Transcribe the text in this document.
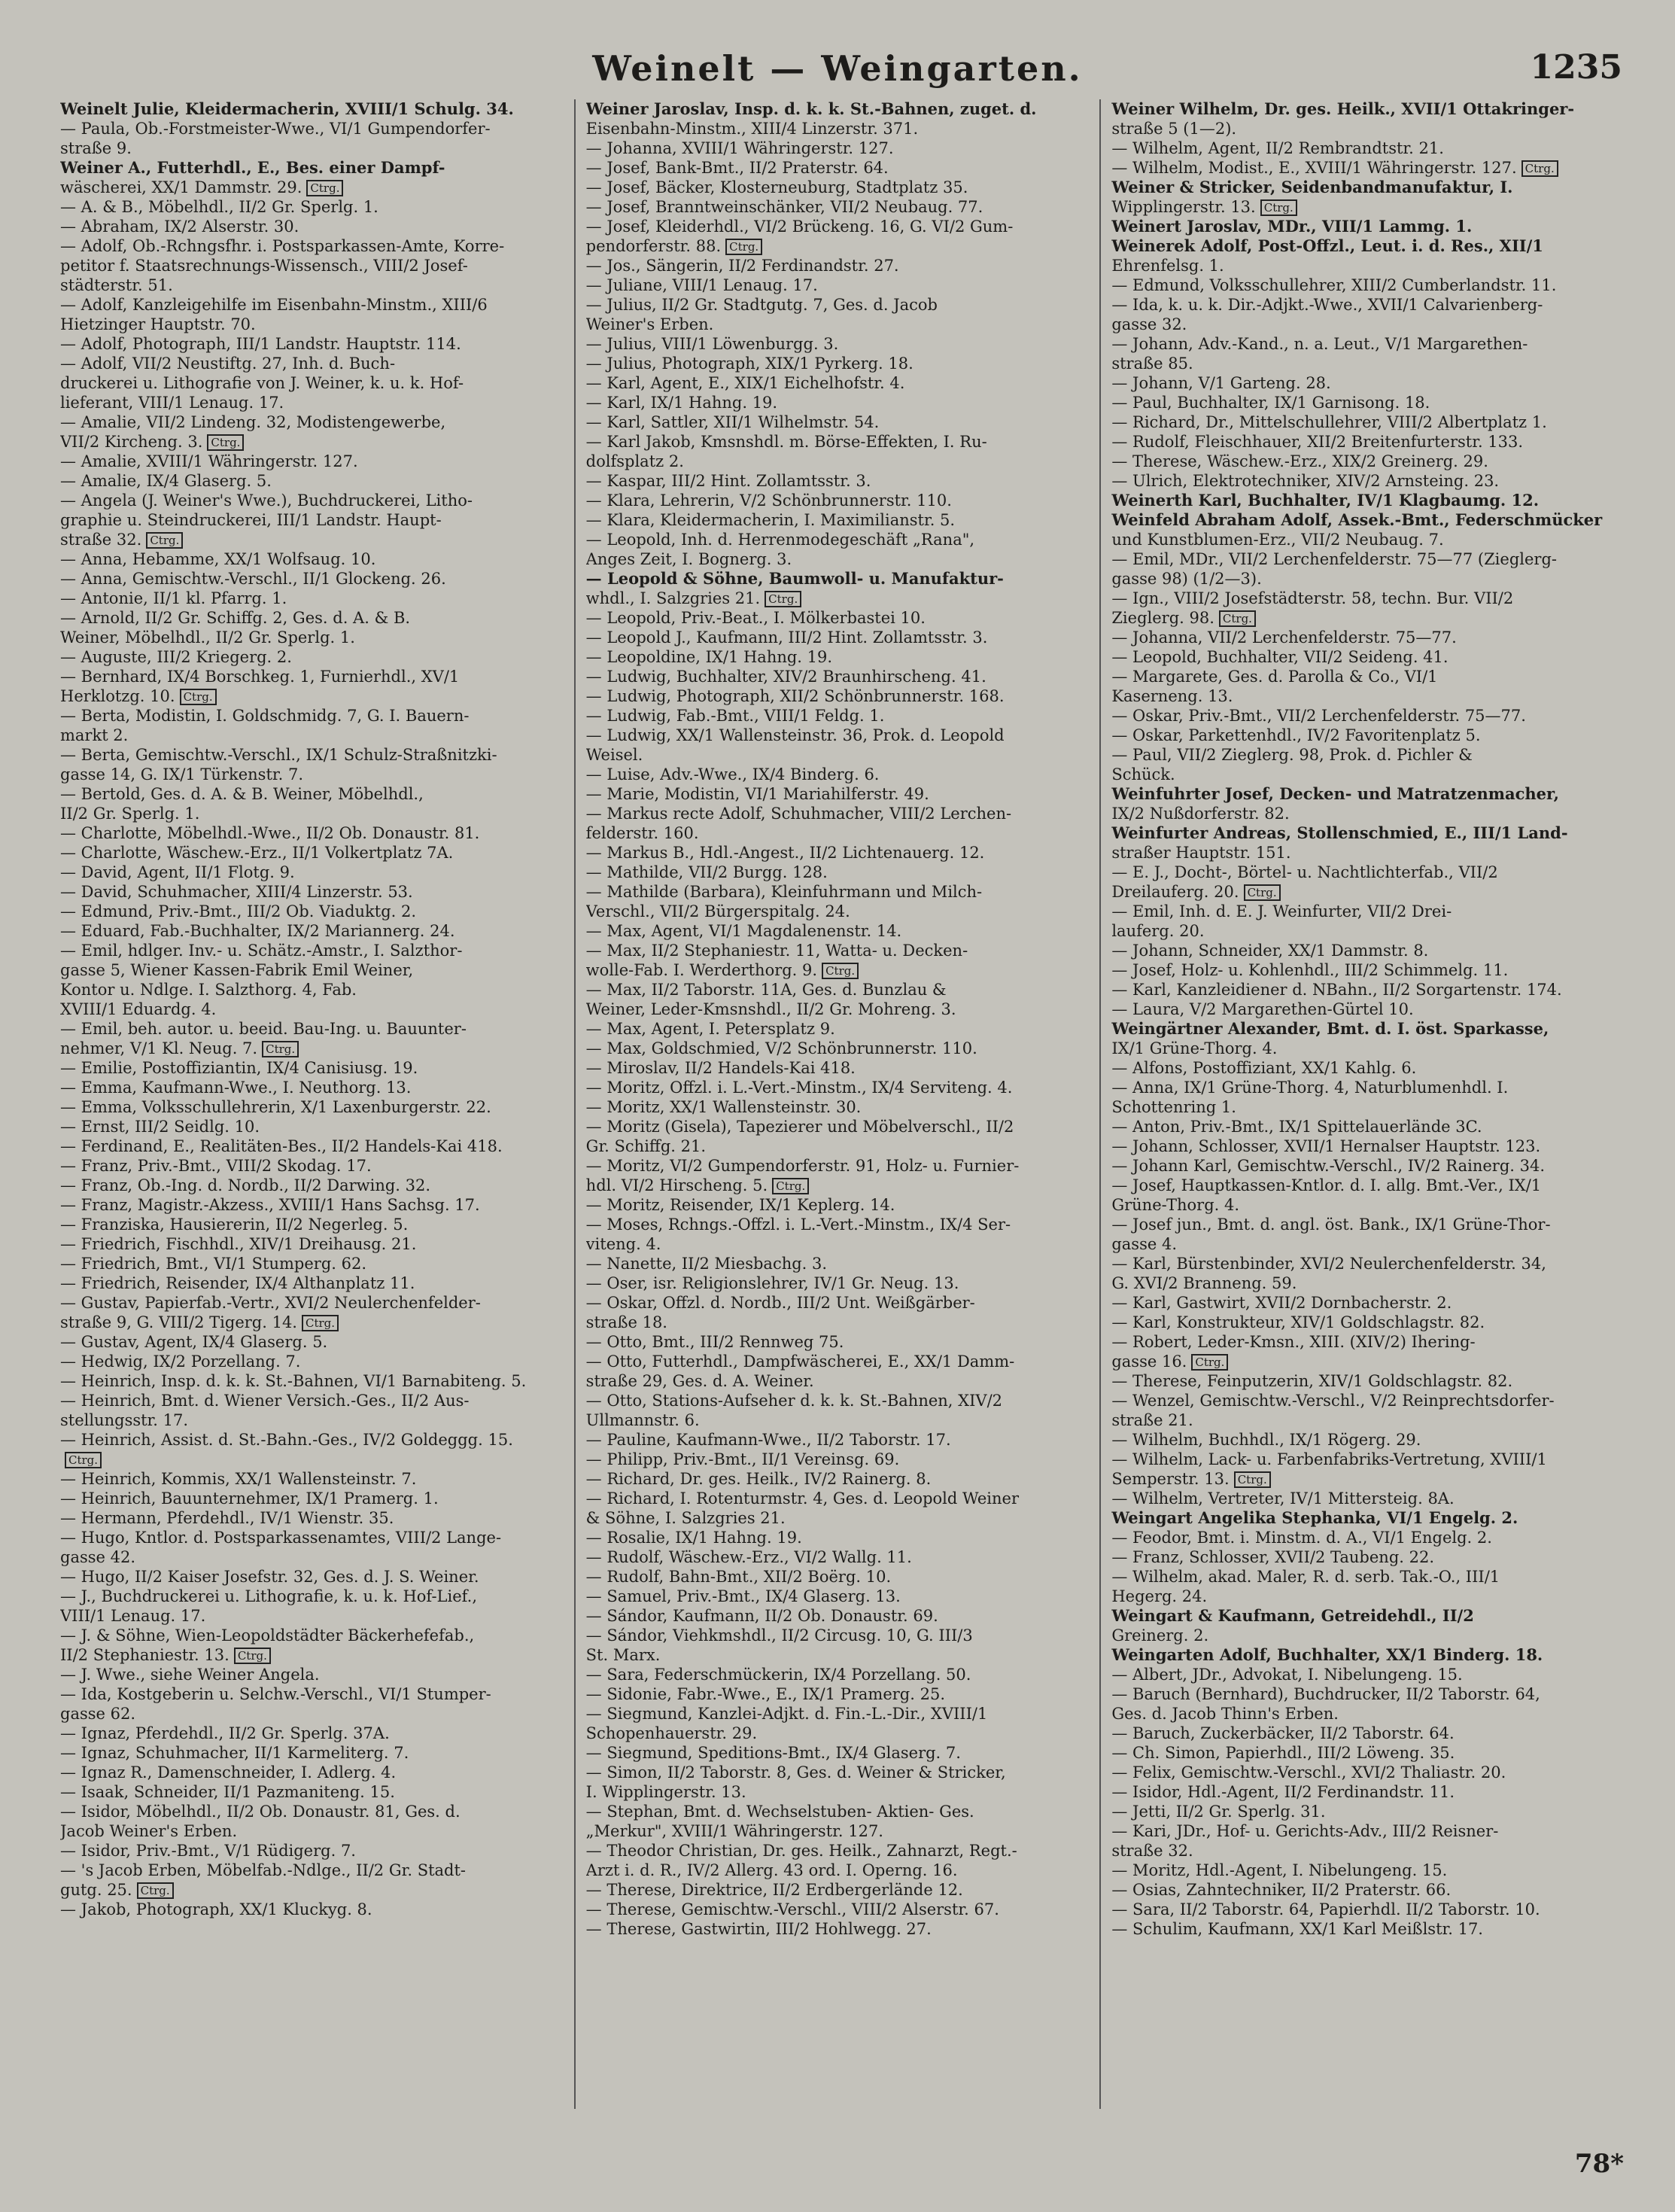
Weinelt — Weingarten.	1235
Weinelt Julie, Kleidermacherin, XVIII/1 Schulg. 34.
— Paula, Ob.-Forstmeister-Wwe., VI/1 Gumpendorfer-
straße 9.
Weiner A., Futterhdl., E., Bes. einer Dampf-
wäscherei, XX/1 Dammstr. 29. Ctrg.
— A. & B., Möbelhdl., II/2 Gr. Sperlg. 1.
— Abraham, IX/2 Alserstr. 30.
— Adolf, Ob.-Rchngsfhr. i. Postsparkassen-Amte, Korre-
petitor f. Staatsrechnungs-Wissensch., VIII/2 Josef-
städterstr. 51.
— Adolf, Kanzleigehilfe im Eisenbahn-Minstm., XIII/6
Hietzinger Hauptstr. 70.
— Adolf, Photograph, III/1 Landstr. Hauptstr. 114.
— Adolf, VII/2 Neustiftg. 27, Inh. d. Buch-
druckerei u. Lithografie von J. Weiner, k. u. k. Hof-
lieferant, VIII/1 Lenaug. 17.
— Amalie, VII/2 Lindeng. 32, Modistengewerbe,
VII/2 Kircheng. 3. Ctrg.
— Amalie, XVIII/1 Währingerstr. 127.
— Amalie, IX/4 Glaserg. 5.
— Angela (J. Weiner's Wwe.), Buchdruckerei, Litho-
graphie u. Steindruckerei, III/1 Landstr. Haupt-
straße 32. Ctrg.
— Anna, Hebamme, XX/1 Wolfsaug. 10.
— Anna, Gemischtw.-Verschl., II/1 Glockeng. 26.
— Antonie, II/1 kl. Pfarrg. 1.
— Arnold, II/2 Gr. Schiffg. 2, Ges. d. A. & B.
Weiner, Möbelhdl., II/2 Gr. Sperlg. 1.
— Auguste, III/2 Kriegerg. 2.
— Bernhard, IX/4 Borschkeg. 1, Furnierhdl., XV/1
Herklotzg. 10. Ctrg.
— Berta, Modistin, I. Goldschmidg. 7, G. I. Bauern-
markt 2.
— Berta, Gemischtw.-Verschl., IX/1 Schulz-Straßnitzki-
gasse 14, G. IX/1 Türkenstr. 7.
— Bertold, Ges. d. A. & B. Weiner, Möbelhdl.,
II/2 Gr. Sperlg. 1.
— Charlotte, Möbelhdl.-Wwe., II/2 Ob. Donaustr. 81.
— Charlotte, Wäschew.-Erz., II/1 Volkertplatz 7A.
— David, Agent, II/1 Flotg. 9.
— David, Schuhmacher, XIII/4 Linzerstr. 53.
— Edmund, Priv.-Bmt., III/2 Ob. Viaduktg. 2.
— Eduard, Fab.-Buchhalter, IX/2 Mariannerg. 24.
— Emil, hdlger. Inv.- u. Schätz.-Amstr., I. Salzthor-
gasse 5, Wiener Kassen-Fabrik Emil Weiner,
Kontor u. Ndlge. I. Salzthorg. 4, Fab.
XVIII/1 Eduardg. 4.
— Emil, beh. autor. u. beeid. Bau-Ing. u. Bauunter-
nehmer, V/1 Kl. Neug. 7. Ctrg.
— Emilie, Postoffiziantin, IX/4 Canisiusg. 19.
— Emma, Kaufmann-Wwe., I. Neuthorg. 13.
— Emma, Volksschullehrerin, X/1 Laxenburgerstr. 22.
— Ernst, III/2 Seidlg. 10.
— Ferdinand, E., Realitäten-Bes., II/2 Handels-Kai 418.
— Franz, Priv.-Bmt., VIII/2 Skodag. 17.
— Franz, Ob.-Ing. d. Nordb., II/2 Darwing. 32.
— Franz, Magistr.-Akzess., XVIII/1 Hans Sachsg. 17.
— Franziska, Hausiererin, II/2 Negerleg. 5.
— Friedrich, Fischhdl., XIV/1 Dreihausg. 21.
— Friedrich, Bmt., VI/1 Stumperg. 62.
— Friedrich, Reisender, IX/4 Althanplatz 11.
— Gustav, Papierfab.-Vertr., XVI/2 Neulerchenfelder-
straße 9, G. VIII/2 Tigerg. 14. Ctrg.
— Gustav, Agent, IX/4 Glaserg. 5.
— Hedwig, IX/2 Porzellang. 7.
— Heinrich, Insp. d. k. k. St.-Bahnen, VI/1 Barnabiteng. 5.
— Heinrich, Bmt. d. Wiener Versich.-Ges., II/2 Aus-
stellungsstr. 17.
— Heinrich, Assist. d. St.-Bahn.-Ges., IV/2 Goldeggg. 15.
Ctrg.
— Heinrich, Kommis, XX/1 Wallensteinstr. 7.
— Heinrich, Bauunternehmer, IX/1 Pramerg. 1.
— Hermann, Pferdehdl., IV/1 Wienstr. 35.
— Hugo, Kntlor. d. Postsparkassenamtes, VIII/2 Lange-
gasse 42.
— Hugo, II/2 Kaiser Josefstr. 32, Ges. d. J. S. Weiner.
— J., Buchdruckerei u. Lithografie, k. u. k. Hof-Lief.,
VIII/1 Lenaug. 17.
— J. & Söhne, Wien-Leopoldstädter Bäckerhefefab.,
II/2 Stephaniestr. 13. Ctrg.
— J. Wwe., siehe Weiner Angela.
— Ida, Kostgeberin u. Selchw.-Verschl., VI/1 Stumper-
gasse 62.
— Ignaz, Pferdehdl., II/2 Gr. Sperlg. 37A.
— Ignaz, Schuhmacher, II/1 Karmeliterg. 7.
— Ignaz R., Damenschneider, I. Adlerg. 4.
— Isaak, Schneider, II/1 Pazmaniteng. 15.
— Isidor, Möbelhdl., II/2 Ob. Donaustr. 81, Ges. d.
Jacob Weiner's Erben.
— Isidor, Priv.-Bmt., V/1 Rüdigerg. 7.
— 's Jacob Erben, Möbelfab.-Ndlge., II/2 Gr. Stadt-
gutg. 25. Ctrg.
— Jakob, Photograph, XX/1 Kluckyg. 8.
Weiner Jaroslav, Insp. d. k. k. St.-Bahnen, zuget. d.
Eisenbahn-Minstm., XIII/4 Linzerstr. 371.
— Johanna, XVIII/1 Währingerstr. 127.
— Josef, Bank-Bmt., II/2 Praterstr. 64.
— Josef, Bäcker, Klosterneuburg, Stadtplatz 35.
— Josef, Branntweinschänker, VII/2 Neubaug. 77.
— Josef, Kleiderhdl., VI/2 Brückeng. 16, G. VI/2 Gum-
pendorferstr. 88. Ctrg.
— Jos., Sängerin, II/2 Ferdinandstr. 27.
— Juliane, VIII/1 Lenaug. 17.
— Julius, II/2 Gr. Stadtgutg. 7, Ges. d. Jacob
Weiner's Erben.
— Julius, VIII/1 Löwenburgg. 3.
— Julius, Photograph, XIX/1 Pyrkerg. 18.
— Karl, Agent, E., XIX/1 Eichelhofstr. 4.
— Karl, IX/1 Hahng. 19.
— Karl, Sattler, XII/1 Wilhelmstr. 54.
— Karl Jakob, Kmsnshdl. m. Börse-Effekten, I. Ru-
dolfsplatz 2.
— Kaspar, III/2 Hint. Zollamtsstr. 3.
— Klara, Lehrerin, V/2 Schönbrunnerstr. 110.
— Klara, Kleidermacherin, I. Maximilianstr. 5.
— Leopold, Inh. d. Herrenmodegeschäft „Rana",
Anges Zeit, I. Bognerg. 3.
— Leopold & Söhne, Baumwoll- u. Manufaktur-
whdl., I. Salzgries 21. Ctrg.
— Leopold, Priv.-Beat., I. Mölkerbastei 10.
— Leopold J., Kaufmann, III/2 Hint. Zollamtsstr. 3.
— Leopoldine, IX/1 Hahng. 19.
— Ludwig, Buchhalter, XIV/2 Braunhirscheng. 41.
— Ludwig, Photograph, XII/2 Schönbrunnerstr. 168.
— Ludwig, Fab.-Bmt., VIII/1 Feldg. 1.
— Ludwig, XX/1 Wallensteinstr. 36, Prok. d. Leopold
Weisel.
— Luise, Adv.-Wwe., IX/4 Binderg. 6.
— Marie, Modistin, VI/1 Mariahilferstr. 49.
— Markus recte Adolf, Schuhmacher, VIII/2 Lerchen-
felderstr. 160.
— Markus B., Hdl.-Angest., II/2 Lichtenauerg. 12.
— Mathilde, VII/2 Burgg. 128.
— Mathilde (Barbara), Kleinfuhrmann und Milch-
Verschl., VII/2 Bürgerspitalg. 24.
— Max, Agent, VI/1 Magdalenenstr. 14.
— Max, II/2 Stephaniestr. 11, Watta- u. Decken-
wolle-Fab. I. Werderthorg. 9. Ctrg.
— Max, II/2 Taborstr. 11A, Ges. d. Bunzlau &
Weiner, Leder-Kmsnshdl., II/2 Gr. Mohreng. 3.
— Max, Agent, I. Petersplatz 9.
— Max, Goldschmied, V/2 Schönbrunnerstr. 110.
— Miroslav, II/2 Handels-Kai 418.
— Moritz, Offzl. i. L.-Vert.-Minstm., IX/4 Serviteng. 4.
— Moritz, XX/1 Wallensteinstr. 30.
— Moritz (Gisela), Tapezierer und Möbelverschl., II/2
Gr. Schiffg. 21.
— Moritz, VI/2 Gumpendorferstr. 91, Holz- u. Furnier-
hdl. VI/2 Hirscheng. 5. Ctrg.
— Moritz, Reisender, IX/1 Keplerg. 14.
— Moses, Rchngs.-Offzl. i. L.-Vert.-Minstm., IX/4 Ser-
viteng. 4.
— Nanette, II/2 Miesbachg. 3.
— Oser, isr. Religionslehrer, IV/1 Gr. Neug. 13.
— Oskar, Offzl. d. Nordb., III/2 Unt. Weißgärber-
straße 18.
— Otto, Bmt., III/2 Rennweg 75.
— Otto, Futterhdl., Dampfwäscherei, E., XX/1 Damm-
straße 29, Ges. d. A. Weiner.
— Otto, Stations-Aufseher d. k. k. St.-Bahnen, XIV/2
Ullmannstr. 6.
— Pauline, Kaufmann-Wwe., II/2 Taborstr. 17.
— Philipp, Priv.-Bmt., II/1 Vereinsg. 69.
— Richard, Dr. ges. Heilk., IV/2 Rainerg. 8.
— Richard, I. Rotenturmstr. 4, Ges. d. Leopold Weiner
& Söhne, I. Salzgries 21.
— Rosalie, IX/1 Hahng. 19.
— Rudolf, Wäschew.-Erz., VI/2 Wallg. 11.
— Rudolf, Bahn-Bmt., XII/2 Boërg. 10.
— Samuel, Priv.-Bmt., IX/4 Glaserg. 13.
— Sándor, Kaufmann, II/2 Ob. Donaustr. 69.
— Sándor, Viehkmshdl., II/2 Circusg. 10, G. III/3
St. Marx.
— Sara, Federschmückerin, IX/4 Porzellang. 50.
— Sidonie, Fabr.-Wwe., E., IX/1 Pramerg. 25.
— Siegmund, Kanzlei-Adjkt. d. Fin.-L.-Dir., XVIII/1
Schopenhauerstr. 29.
— Siegmund, Speditions-Bmt., IX/4 Glaserg. 7.
— Simon, II/2 Taborstr. 8, Ges. d. Weiner & Stricker,
I. Wipplingerstr. 13.
— Stephan, Bmt. d. Wechselstuben- Aktien- Ges.
„Merkur", XVIII/1 Währingerstr. 127.
— Theodor Christian, Dr. ges. Heilk., Zahnarzt, Regt.-
Arzt i. d. R., IV/2 Allerg. 43 ord. I. Operng. 16.
— Therese, Direktrice, II/2 Erdbergerlände 12.
— Therese, Gemischtw.-Verschl., VIII/2 Alserstr. 67.
— Therese, Gastwirtin, III/2 Hohlwegg. 27.
Weiner Wilhelm, Dr. ges. Heilk., XVII/1 Ottakringer-
straße 5 (1—2).
— Wilhelm, Agent, II/2 Rembrandtstr. 21.
— Wilhelm, Modist., E., XVIII/1 Währingerstr. 127. Ctrg.
Weiner & Stricker, Seidenbandmanufaktur, I.
Wipplingerstr. 13. Ctrg.
Weinert Jaroslav, MDr., VIII/1 Lammg. 1.
Weinerek Adolf, Post-Offzl., Leut. i. d. Res., XII/1
Ehrenfelsg. 1.
— Edmund, Volksschullehrer, XIII/2 Cumberlandstr. 11.
— Ida, k. u. k. Dir.-Adjkt.-Wwe., XVII/1 Calvarienberg-
gasse 32.
— Johann, Adv.-Kand., n. a. Leut., V/1 Margarethen-
straße 85.
— Johann, V/1 Garteng. 28.
— Paul, Buchhalter, IX/1 Garnisong. 18.
— Richard, Dr., Mittelschullehrer, VIII/2 Albertplatz 1.
— Rudolf, Fleischhauer, XII/2 Breitenfurterstr. 133.
— Therese, Wäschew.-Erz., XIX/2 Greinerg. 29.
— Ulrich, Elektrotechniker, XIV/2 Arnsteing. 23.
Weinerth Karl, Buchhalter, IV/1 Klagbaumg. 12.
Weinfeld Abraham Adolf, Assek.-Bmt., Federschmücker
und Kunstblumen-Erz., VII/2 Neubaug. 7.
— Emil, MDr., VII/2 Lerchenfelderstr. 75—77 (Zieglerg-
gasse 98) (1/2—3).
— Ign., VIII/2 Josefstädterstr. 58, techn. Bur. VII/2
Zieglerg. 98. Ctrg.
— Johanna, VII/2 Lerchenfelderstr. 75—77.
— Leopold, Buchhalter, VII/2 Seideng. 41.
— Margarete, Ges. d. Parolla & Co., VI/1
Kaserneng. 13.
— Oskar, Priv.-Bmt., VII/2 Lerchenfelderstr. 75—77.
— Oskar, Parkettenhdl., IV/2 Favoritenplatz 5.
— Paul, VII/2 Zieglerg. 98, Prok. d. Pichler &
Schück.
Weinfuhrter Josef, Decken- und Matratzenmacher,
IX/2 Nußdorferstr. 82.
Weinfurter Andreas, Stollenschmied, E., III/1 Land-
straßer Hauptstr. 151.
— E. J., Docht-, Börtel- u. Nachtlichterfab., VII/2
Dreilauferg. 20. Ctrg.
— Emil, Inh. d. E. J. Weinfurter, VII/2 Drei-
lauferg. 20.
— Johann, Schneider, XX/1 Dammstr. 8.
— Josef, Holz- u. Kohlenhdl., III/2 Schimmelg. 11.
— Karl, Kanzleidiener d. NBahn., II/2 Sorgartenstr. 174.
— Laura, V/2 Margarethen-Gürtel 10.
Weingärtner Alexander, Bmt. d. I. öst. Sparkasse,
IX/1 Grüne-Thorg. 4.
— Alfons, Postoffiziant, XX/1 Kahlg. 6.
— Anna, IX/1 Grüne-Thorg. 4, Naturblumenhdl. I.
Schottenring 1.
— Anton, Priv.-Bmt., IX/1 Spittelauerlände 3C.
— Johann, Schlosser, XVII/1 Hernalser Hauptstr. 123.
— Johann Karl, Gemischtw.-Verschl., IV/2 Rainerg. 34.
— Josef, Hauptkassen-Kntlor. d. I. allg. Bmt.-Ver., IX/1
Grüne-Thorg. 4.
— Josef jun., Bmt. d. angl. öst. Bank., IX/1 Grüne-Thor-
gasse 4.
— Karl, Bürstenbinder, XVI/2 Neulerchenfelderstr. 34,
G. XVI/2 Branneng. 59.
— Karl, Gastwirt, XVII/2 Dornbacherstr. 2.
— Karl, Konstrukteur, XIV/1 Goldschlagstr. 82.
— Robert, Leder-Kmsn., XIII. (XIV/2) Ihering-
gasse 16. Ctrg.
— Therese, Feinputzerin, XIV/1 Goldschlagstr. 82.
— Wenzel, Gemischtw.-Verschl., V/2 Reinprechtsdorfer-
straße 21.
— Wilhelm, Buchhdl., IX/1 Rögerg. 29.
— Wilhelm, Lack- u. Farbenfabriks-Vertretung, XVIII/1
Semperstr. 13. Ctrg.
— Wilhelm, Vertreter, IV/1 Mittersteig. 8A.
Weingart Angelika Stephanka, VI/1 Engelg. 2.
— Feodor, Bmt. i. Minstm. d. A., VI/1 Engelg. 2.
— Franz, Schlosser, XVII/2 Taubeng. 22.
— Wilhelm, akad. Maler, R. d. serb. Tak.-O., III/1
Hegerg. 24.
Weingart & Kaufmann, Getreidehdl., II/2
Greinerg. 2.
Weingarten Adolf, Buchhalter, XX/1 Binderg. 18.
— Albert, JDr., Advokat, I. Nibelungeng. 15.
— Baruch (Bernhard), Buchdrucker, II/2 Taborstr. 64,
Ges. d. Jacob Thinn's Erben.
— Baruch, Zuckerbäcker, II/2 Taborstr. 64.
— Ch. Simon, Papierhdl., III/2 Löweng. 35.
— Felix, Gemischtw.-Verschl., XVI/2 Thaliastr. 20.
— Isidor, Hdl.-Agent, II/2 Ferdinandstr. 11.
— Jetti, II/2 Gr. Sperlg. 31.
— Kari, JDr., Hof- u. Gerichts-Adv., III/2 Reisner-
straße 32.
— Moritz, Hdl.-Agent, I. Nibelungeng. 15.
— Osias, Zahntechniker, II/2 Praterstr. 66.
— Sara, II/2 Taborstr. 64, Papierhdl. II/2 Taborstr. 10.
— Schulim, Kaufmann, XX/1 Karl Meißlstr. 17.
78*
